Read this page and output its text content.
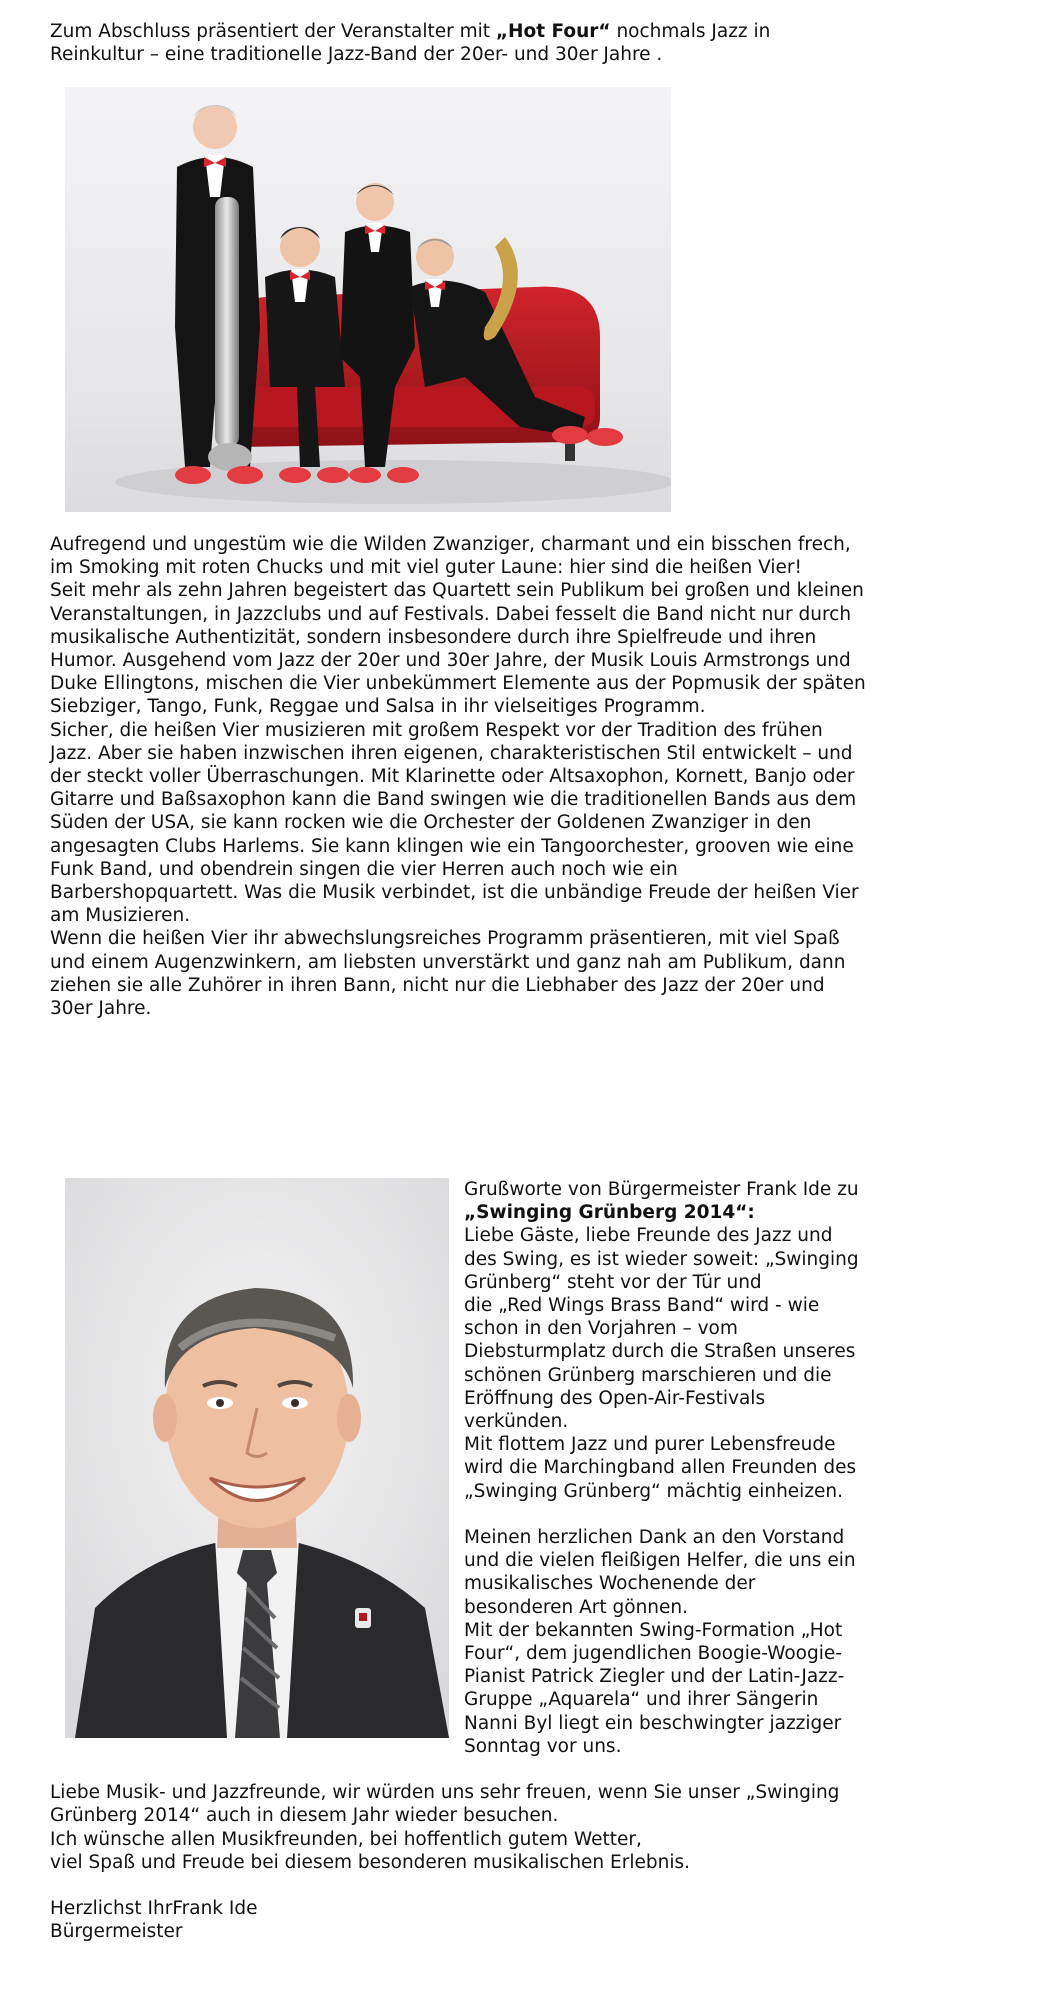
Zum Abschluss präsentiert der Veranstalter mit „Hot Four“ nochmals Jazz in Reinkultur – eine traditionelle Jazz-Band der 20er- und 30er Jahre .

Aufregend und ungestüm wie die Wilden Zwanziger, charmant und ein bisschen frech, im Smoking mit roten Chucks und mit viel guter Laune: hier sind die heißen Vier!

Seit mehr als zehn Jahren begeistert das Quartett sein Publikum bei großen und kleinen Veranstaltungen, in Jazzclubs und auf Festivals. Dabei fesselt die Band nicht nur durch

musikalische Authentizität, sondern insbesondere durch ihre Spielfreude und ihren Humor. Ausgehend vom Jazz der 20er und 30er Jahre, der Musik Louis Armstrongs und Duke Ellingtons, mischen die Vier unbekümmert Elemente aus der Popmusik der späten Siebziger, Tango, Funk, Reggae und Salsa in ihr vielseitiges Programm.

Sicher, die heißen Vier musizieren mit großem Respekt vor der Tradition des frühen Jazz. Aber sie haben inzwischen ihren eigenen, charakteristischen Stil entwickelt – und der steckt voller Überraschungen. Mit Klarinette oder Altsaxophon, Kornett, Banjo oder Gitarre und Baßsaxophon kann die Band swingen wie die traditionellen Bands aus dem Süden der USA, sie kann rocken wie die Orchester der Goldenen Zwanziger in den angesagten Clubs Harlems. Sie kann klingen wie ein Tangoorchester, grooven wie eine Funk Band, und obendrein singen die vier Herren auch noch wie ein Barbershopquartett. Was die Musik verbindet, ist die unbändige Freude der heißen Vier am Musizieren.

Wenn die heißen Vier ihr abwechslungsreiches Programm präsentieren, mit viel Spaß und einem Augenzwinkern, am liebsten unverstärkt und ganz nah am Publikum, dann ziehen sie alle Zuhörer in ihren Bann, nicht nur die Liebhaber des Jazz der 20er und 30er Jahre.

Grußworte von Bürgermeister Frank Ide zu „Swinging Grünberg 2014“:

Liebe Gäste, liebe Freunde des Jazz und des Swing, es ist wieder soweit: „Swinging Grünberg“ steht vor der Tür und

die „Red Wings Brass Band“ wird - wie schon in den Vorjahren – vom Diebsturmplatz durch die Straßen unseres schönen Grünberg marschieren und die Eröffnung des Open-Air-Festivals verkünden.

Mit flottem Jazz und purer Lebensfreude wird die Marchingband allen Freunden des „Swinging Grünberg“ mächtig einheizen.

Meinen herzlichen Dank an den Vorstand und die vielen fleißigen Helfer, die uns ein musikalisches Wochenende der besonderen Art gönnen.

Mit der bekannten Swing-Formation „Hot Four“, dem jugendlichen Boogie-Woogie-Pianist Patrick Ziegler und der Latin-Jazz-Gruppe „Aquarela“ und ihrer Sängerin Nanni Byl liegt ein beschwingter jazziger Sonntag vor uns.

Liebe Musik- und Jazzfreunde, wir würden uns sehr freuen, wenn Sie unser „Swinging Grünberg 2014“ auch in diesem Jahr wieder besuchen.

Ich wünsche allen Musikfreunden, bei hoffentlich gutem Wetter,

viel Spaß und Freude bei diesem besonderen musikalischen Erlebnis.

Herzlichst IhrFrank Ide

Bürgermeister
